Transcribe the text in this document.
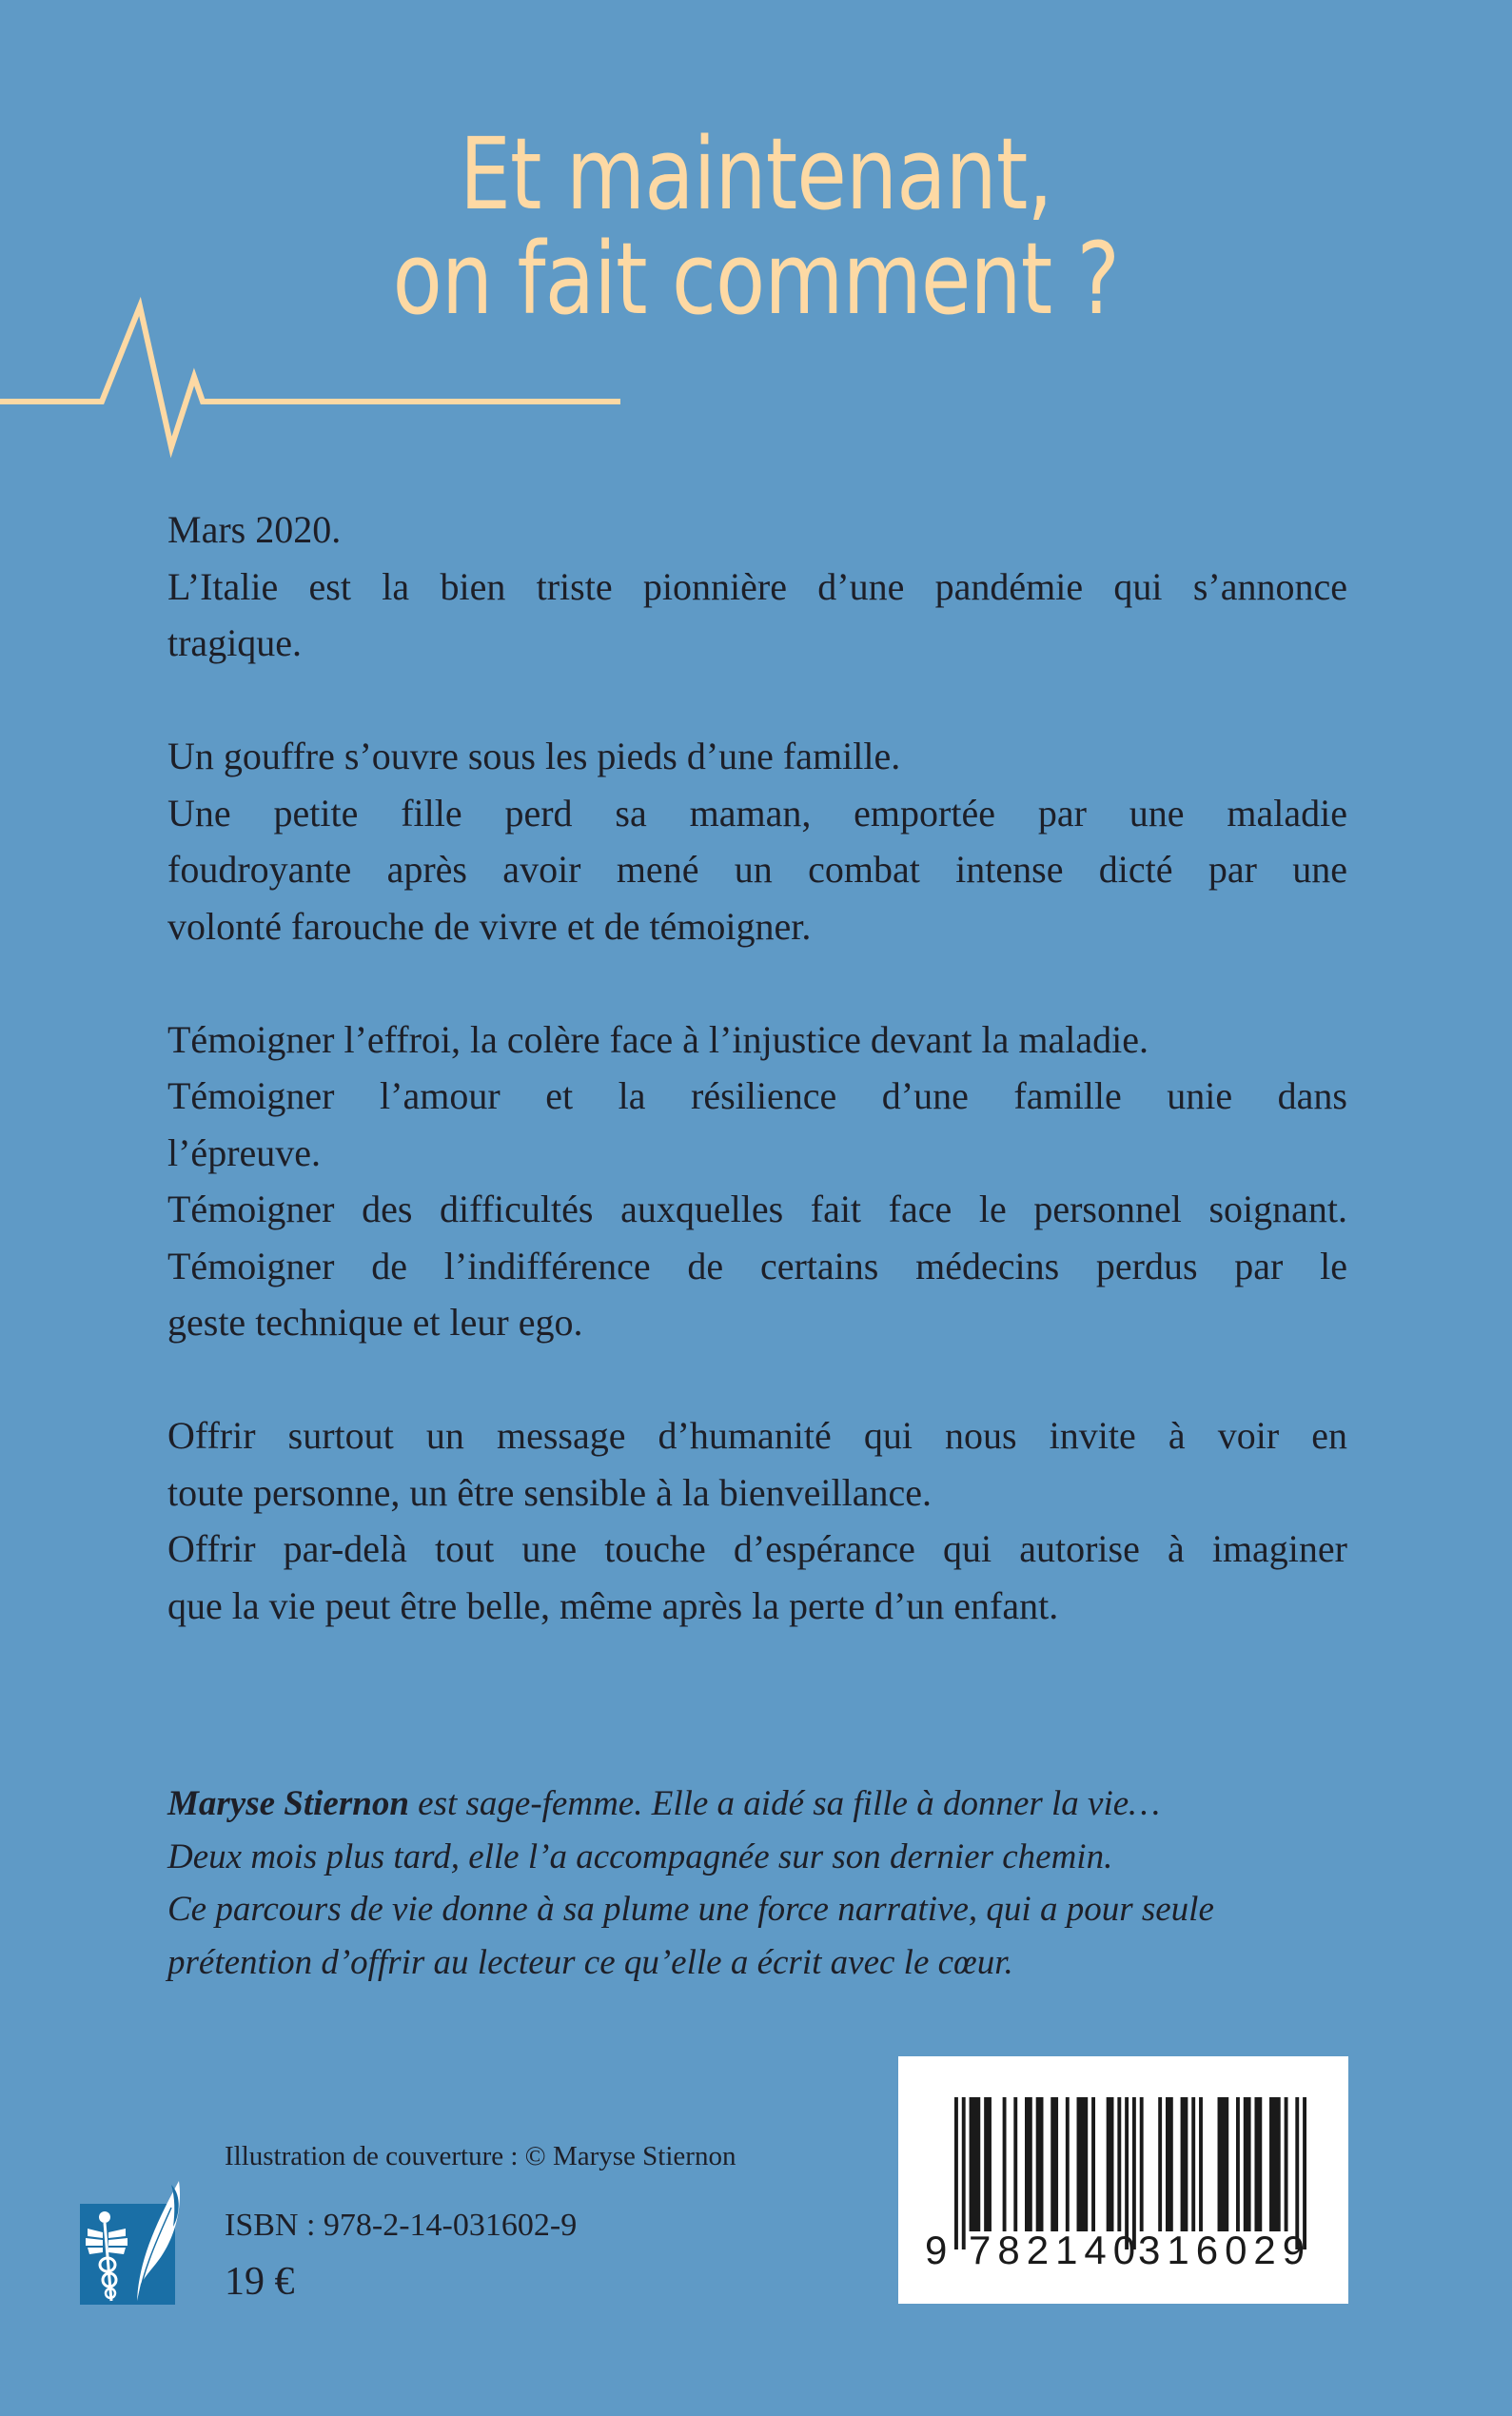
Et maintenant,
on fait comment ?

Mars 2020.
L’Italie est la bien triste pionnière d’une pandémie qui s’annonce
tragique.

Un gouffre s’ouvre sous les pieds d’une famille.
Une petite fille perd sa maman, emportée par une maladie
foudroyante après avoir mené un combat intense dicté par une
volonté farouche de vivre et de témoigner.

Témoigner l’effroi, la colère face à l’injustice devant la maladie.
Témoigner l’amour et la résilience d’une famille unie dans
l’épreuve.
Témoigner des difficultés auxquelles fait face le personnel soignant.
Témoigner de l’indifférence de certains médecins perdus par le
geste technique et leur ego.

Offrir surtout un message d’humanité qui nous invite à voir en
toute personne, un être sensible à la bienveillance.
Offrir par-delà tout une touche d’espérance qui autorise à imaginer
que la vie peut être belle, même après la perte d’un enfant.

Maryse Stiernon est sage-femme. Elle a aidé sa fille à donner la vie…
Deux mois plus tard, elle l’a accompagnée sur son dernier chemin.
Ce parcours de vie donne à sa plume une force narrative, qui a pour seule
prétention d’offrir au lecteur ce qu’elle a écrit avec le cœur.
Illustration de couverture : © Maryse Stiernon
ISBN : 978-2-14-031602-9
19 €
9 782140
316029
